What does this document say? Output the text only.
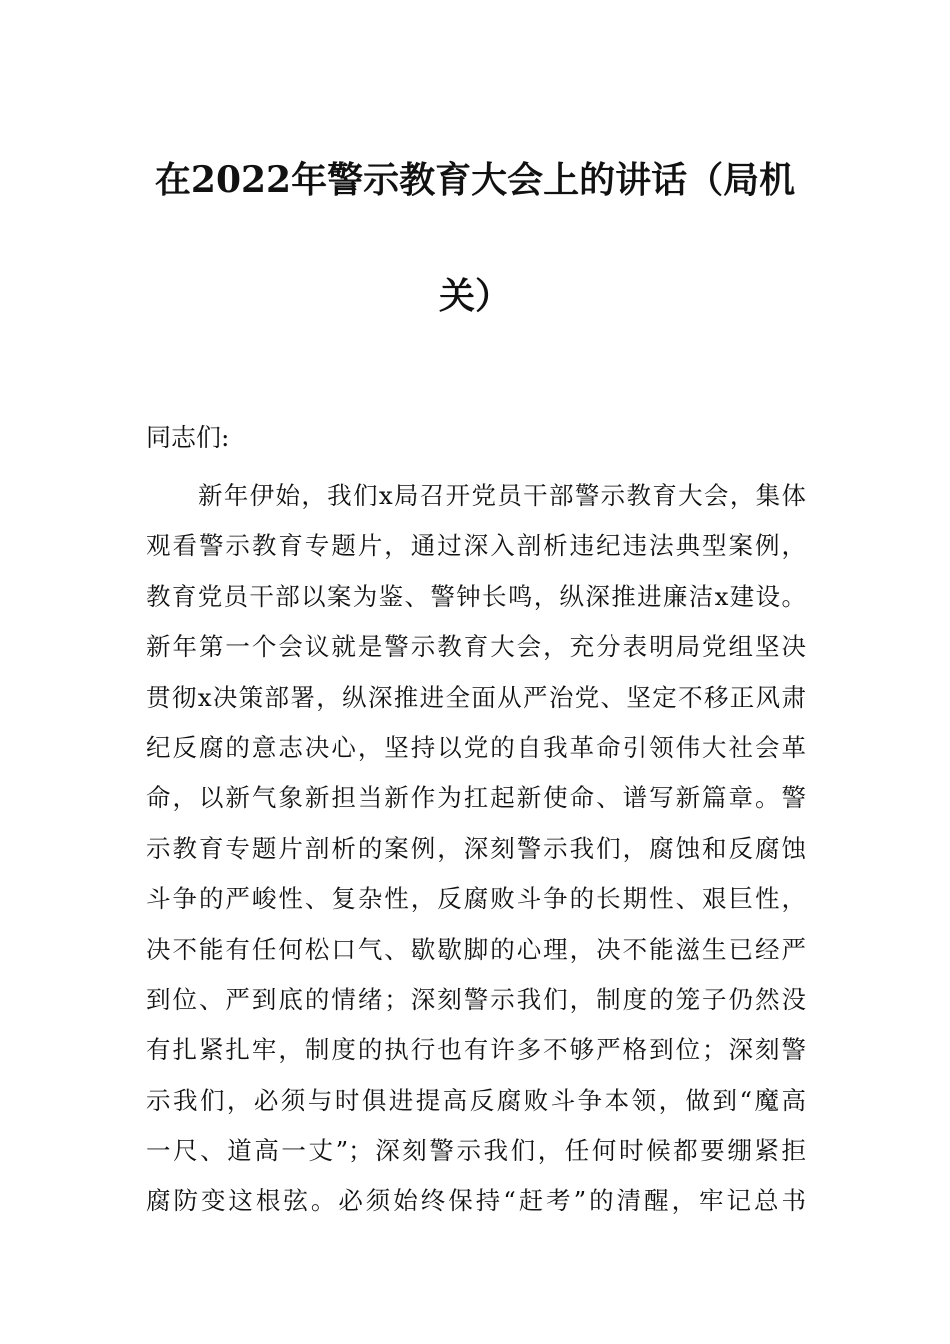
在2022年警示教育大会上的讲话（局机
关）
同志们:
新年伊始，我们x局召开党员干部警示教育大会，集体
观看警示教育专题片，通过深入剖析违纪违法典型案例，
教育党员干部以案为鉴、警钟长鸣，纵深推进廉洁x建设。
新年第一个会议就是警示教育大会，充分表明局党组坚决
贯彻x决策部署，纵深推进全面从严治党、坚定不移正风肃
纪反腐的意志决心，坚持以党的自我革命引领伟大社会革
命，以新气象新担当新作为扛起新使命、谱写新篇章。警
示教育专题片剖析的案例，深刻警示我们，腐蚀和反腐蚀
斗争的严峻性、复杂性，反腐败斗争的长期性、艰巨性，
决不能有任何松口气、歇歇脚的心理，决不能滋生已经严
到位、严到底的情绪；深刻警示我们，制度的笼子仍然没
有扎紧扎牢，制度的执行也有许多不够严格到位；深刻警
示我们，必须与时俱进提高反腐败斗争本领，做到“魔高
一尺、道高一丈”；深刻警示我们，任何时候都要绷紧拒
腐防变这根弦。必须始终保持“赶考”的清醒，牢记总书
